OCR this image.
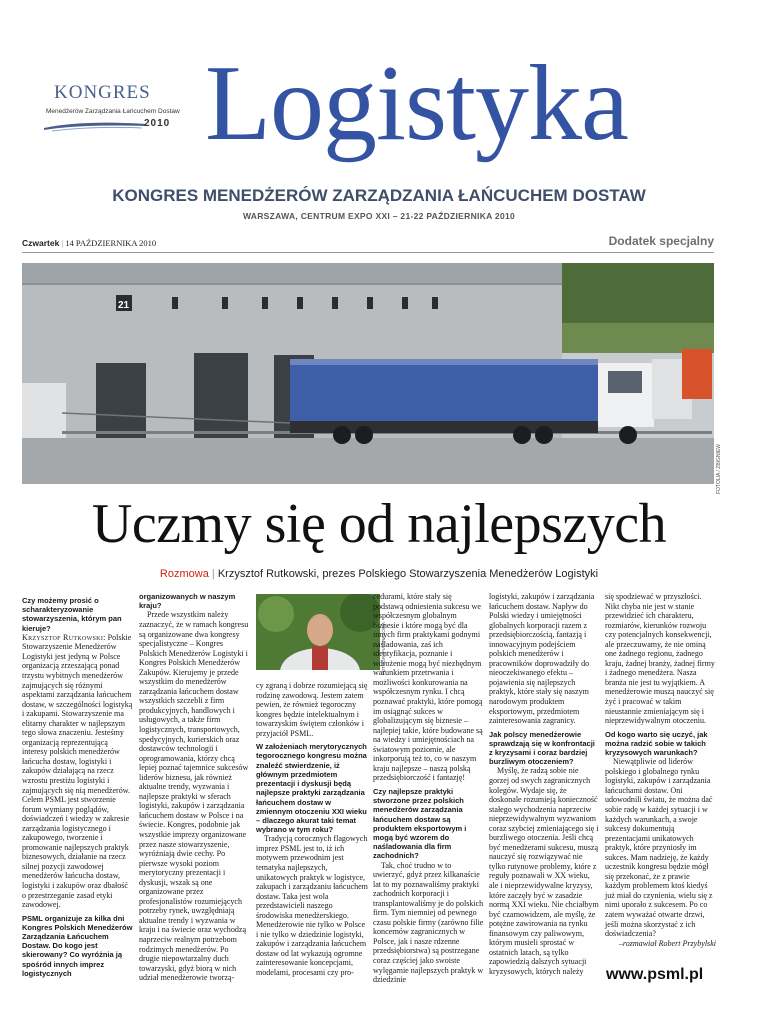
KONGRES
Menedżerów Zarządzania Łańcuchem Dostaw
2010 Logistyka
KONGRES MENEDŻERÓW ZARZĄDZANIA ŁAŃCUCHEM DOSTAW
WARSZAWA, CENTRUM EXPO XXI – 21-22 PAŹDZIERNIKA 2010
Czwartek | 14 PAŹDZIERNIKA 2010	Dodatek specjalny
21
FOTOLIA / ZBIGNIEW
Uczmy się od najlepszych
Rozmowa | Krzysztof Rutkowski, prezes Polskiego Stowarzyszenia Menedżerów Logistyki
FOTOGRAFIA PRASOWA

Czy możemy prosić o scharakteryzowanie stowarzyszenia, którym pan kieruje?

Krzysztof Rutkowski: Polskie Stowarzyszenie Menedżerów Logistyki jest jedyną w Polsce organizacją zrzeszającą ponad trzystu wybitnych menedżerów zajmujących się różnymi aspektami zarządzania łańcuchem dostaw, w szczególności logistyką i zakupami. Stowarzyszenie ma elitarny charakter w najlepszym tego słowa znaczeniu. Jesteśmy organizacją reprezentującą interesy polskich menedżerów łańcucha dostaw, logistyki i zakupów działającą na rzecz wzrostu prestiżu logistyki i zajmujących się nią menedżerów. Celem PSML jest stworzenie forum wymiany poglądów, doświadczeń i wiedzy w zakresie zarządzania logistycznego i zakupowego, tworzenie i promowanie najlepszych praktyk biznesowych, działanie na rzecz silnej pozycji zawodowej menedżerów łańcucha dostaw, logistyki i zakupów oraz dbałość o przestrzeganie zasad etyki zawodowej.

PSML organizuje za kilka dni Kongres Polskich Menedżerów Zarządzania Łańcuchem Dostaw. Do kogo jest skierowany? Co wyróżnia ją spośród innych imprez logistycznych

organizowanych w naszym kraju?

Przede wszystkim należy zaznaczyć, że w ramach kongresu są organizowane dwa kongresy specjalistyczne – Kongres Polskich Menedżerów Logistyki i Kongres Polskich Menedżerów Zakupów. Kierujemy je przede wszystkim do menedżerów zarządzania łańcuchem dostaw wszystkich szczebli z firm produkcyjnych, handlowych i usługowych, a także firm logistycznych, transportowych, spedycyjnych, kurierskich oraz dostawców technologii i oprogramowania, którzy chcą lepiej poznać tajemnice sukcesów liderów biznesu, jak również aktualne trendy, wyzwania i najlepsze praktyki w sferach logistyki, zakupów i zarządzania łańcuchem dostaw w Polsce i na świecie. Kongres, podobnie jak wszystkie imprezy organizowane przez nasze stowarzyszenie, wyróżniają dwie cechy. Po pierwsze wysoki poziom merytoryczny prezentacji i dyskusji, wszak są one organizowane przez profesjonalistów rozumiejących potrzeby rynek, uwzględniają aktualne trendy i wyzwania w kraju i na świecie oraz wychodzą naprzeciw realnym potrzebom rodzimych menedżerów. Po drugie niepowtarzalny duch towarzyski, gdyż biorą w nich udział menedżerowie tworzą-

cy zgraną i dobrze rozumiejącą się rodzinę zawodową. Jestem zatem pewien, że również tegoroczny kongres będzie intelektualnym i towarzyskim świętem członków i przyjaciół PSML.

W założeniach merytorycznych tegorocznego kongresu można znaleźć stwierdzenie, iż głównym przedmiotem prezentacji i dyskusji będą najlepsze praktyki zarządzania łańcuchem dostaw w zmiennym otoczeniu XXI wieku – dlaczego akurat taki temat wybrano w tym roku?

Tradycją corocznych flagowych imprez PSML jest to, iż ich motywem przewodnim jest tematyka najlepszych, unikatowych praktyk w logistyce, zakupach i zarządzaniu łańcuchem dostaw. Taka jest wola przedstawicieli naszego środowiska menedżerskiego. Menedżerowie nie tylko w Polsce i nie tylko w dziedzinie logistyki, zakupów i zarządzania łańcuchem dostaw od lat wykazują ogromne zainteresowanie koncepcjami, modelami, procesami czy pro-

cedurami, które stały się podstawą odniesienia sukcesu we współczesnym globalnym biznesie i które mogą być dla innych firm praktykami godnymi naśladowania, zaś ich identyfikacja, poznanie i wdrożenie mogą być niezbędnym warunkiem przetrwania i możliwości konkurowania na współczesnym rynku. I chcą poznawać praktyki, które pomogą im osiągnąć sukces w globalizującym się biznesie – najlepiej takie, które budowane są na wiedzy i umiejętnościach na światowym poziomie, ale inkorporują też to, co w naszym kraju najlepsze – naszą polską przedsiębiorczość i fantazję!

Czy najlepsze praktyki stworzone przez polskich menedżerów zarządzania łańcuchem dostaw są produktem eksportowym i mogą być wzorem do naśladowania dla firm zachodnich?

Tak, choć trudno w to uwierzyć, gdyż przez kilkanaście lat to my poznawaliśmy praktyki zachodnich korporacji i transplantowaliśmy je do polskich firm. Tym niemniej od pewnego czasu polskie firmy (zarówno filie koncernów zagranicznych w Polsce, jak i nasze rdzenne przedsiębiorstwa) są postrzegane coraz częściej jako swoiste wylęgarnie najlepszych praktyk w dziedzinie

logistyki, zakupów i zarządzania łańcuchem dostaw. Napływ do Polski wiedzy i umiejętności globalnych korporacji razem z przedsiębiorczością, fantazją i innowacyjnym podejściem polskich menedżerów i pracowników doprowadziły do nieoczekiwanego efektu – pojawienia się najlepszych praktyk, które stały się naszym narodowym produktem eksportowym, przedmiotem zainteresowania zagranicy.

Jak polscy menedżerowie sprawdzają się w konfrontacji z kryzysami i coraz bardziej burzliwym otoczeniem?

Myślę, że radzą sobie nie gorzej od swych zagranicznych kolegów. Wydaje się, że doskonale rozumieją konieczność stałego wychodzenia naprzeciw nieprzewidywalnym wyzwaniom coraz szybciej zmieniającego się i burzliwego otoczenia. Jeśli chcą być menedżerami sukcesu, muszą nauczyć się rozwiązywać nie tylko rutynowe problemy, które z reguły poznawali w XX wieku, ale i nieprzewidywalne kryzysy, które zaczęły być w zasadzie normą XXI wieku. Nie chciałbym być czarnowidzem, ale myślę, że potężne zawirowania na rynku finansowym czy paliwowym, którym musieli sprostać w ostatnich latach, są tylko zapowiedzią dalszych sytuacji kryzysowych, których należy

się spodziewać w przyszłości. Nikt chyba nie jest w stanie przewidzieć ich charakteru, rozmiarów, kierunków rozwoju czy potencjalnych konsekwencji, ale przeczuwamy, że nie ominą one żadnego regionu, żadnego kraju, żadnej branży, żadnej firmy i żadnego menedżera. Nasza branża nie jest tu wyjątkiem. A menedżerowie muszą nauczyć się żyć i pracować w takim nieustannie zmieniającym się i nieprzewidywalnym otoczeniu.

Od kogo warto się uczyć, jak można radzić sobie w takich kryzysowych warunkach?

Niewątpliwie od liderów polskiego i globalnego rynku logistyki, zakupów i zarządzania łańcuchami dostaw. Oni udowodnili światu, że można dać sobie radę w każdej sytuacji i w każdych warunkach, a swoje sukcesy dokumentują prezentacjami unikatowych praktyk, które przyniosły im sukces. Mam nadzieję, że każdy uczestnik kongresu będzie mógł się przekonać, że z prawie każdym problemem ktoś kiedyś już miał do czynienia, wielu się z nimi uporało z sukcesem. Po co zatem wyważać otwarte drzwi, jeśli można skorzystać z ich doświadczenia?

–rozmawiał Robert Przybylski

www.psml.pl
